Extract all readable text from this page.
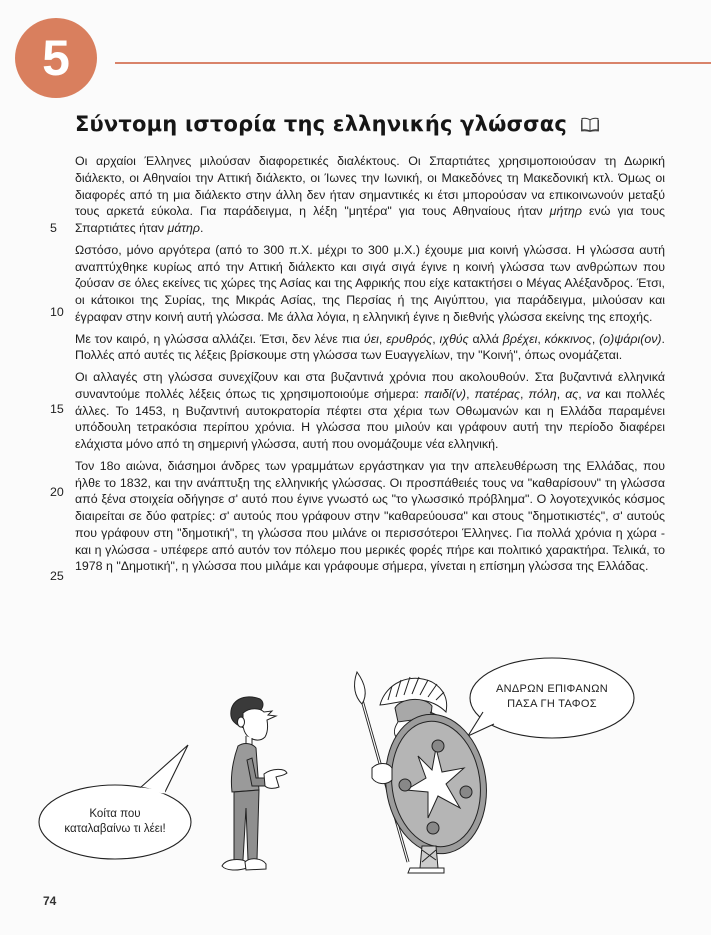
5
Σύντομη ιστορία της ελληνικής γλώσσας
5
10
15
20
25

Οι αρχαίοι Έλληνες μιλούσαν διαφορετικές διαλέκτους. Οι Σπαρτιάτες χρησιμοποιούσαν τη Δωρική διάλεκτο, οι Αθηναίοι την Αττική διάλεκτο, οι Ίωνες την Ιωνική, οι Μακεδόνες τη Μακεδονική κτλ. Όμως οι διαφορές από τη μια διάλεκτο στην άλλη δεν ήταν σημαντικές κι έτσι μπορούσαν να επικοινωνούν μεταξύ τους αρκετά εύκολα. Για παράδειγμα, η λέξη "μητέρα" για τους Αθηναίους ήταν μήτηρ ενώ για τους Σπαρτιάτες ήταν μάτηρ.

Ωστόσο, μόνο αργότερα (από το 300 π.Χ. μέχρι το 300 μ.Χ.) έχουμε μια κοινή γλώσσα. Η γλώσσα αυτή αναπτύχθηκε κυρίως από την Αττική διάλεκτο και σιγά σιγά έγινε η κοινή γλώσσα των ανθρώπων που ζούσαν σε όλες εκείνες τις χώρες της Ασίας και της Αφρικής που είχε κατακτήσει ο Μέγας Αλέξανδρος. Έτσι, οι κάτοικοι της Συρίας, της Μικράς Ασίας, της Περσίας ή της Αιγύπτου, για παράδειγμα, μιλούσαν και έγραφαν στην κοινή αυτή γλώσσα. Με άλλα λόγια, η ελληνική έγινε η διεθνής γλώσσα εκείνης της εποχής.

Με τον καιρό, η γλώσσα αλλάζει. Έτσι, δεν λένε πια ύει, ερυθρός, ιχθύς αλλά βρέχει, κόκκινος, (ο)ψάρι(ον). Πολλές από αυτές τις λέξεις βρίσκουμε στη γλώσσα των Ευαγγελίων, την "Κοινή", όπως ονομάζεται.

Οι αλλαγές στη γλώσσα συνεχίζουν και στα βυζαντινά χρόνια που ακολουθούν. Στα βυζαντινά ελληνικά συναντούμε πολλές λέξεις όπως τις χρησιμοποιούμε σήμερα: παιδί(ν), πατέρας, πόλη, ας, να και πολλές άλλες. Το 1453, η Βυζαντινή αυτοκρατορία πέφτει στα χέρια των Οθωμανών και η Ελλάδα παραμένει υπόδουλη τετρακόσια περίπου χρόνια. Η γλώσσα που μιλούν και γράφουν αυτή την περίοδο διαφέρει ελάχιστα μόνο από τη σημερινή γλώσσα, αυτή που ονομάζουμε νέα ελληνική.

Τον 18ο αιώνα, διάσημοι άνδρες των γραμμάτων εργάστηκαν για την απελευθέρωση της Ελλάδας, που ήλθε το 1832, και την ανάπτυξη της ελληνικής γλώσσας. Οι προσπάθειές τους να "καθαρίσουν" τη γλώσσα από ξένα στοιχεία οδήγησε σ' αυτό που έγινε γνωστό ως "το γλωσσικό πρόβλημα". Ο λογοτεχνικός κόσμος διαιρείται σε δύο φατρίες: σ' αυτούς που γράφουν στην "καθαρεύουσα" και στους "δημοτικιστές", σ' αυτούς που γράφουν στη "δημοτική", τη γλώσσα που μιλάνε οι περισσότεροι Έλληνες. Για πολλά χρόνια η χώρα - και η γλώσσα - υπέφερε από αυτόν τον πόλεμο που μερικές φορές πήρε και πολιτικό χαρακτήρα. Τελικά, το 1978 η "Δημοτική", η γλώσσα που μιλάμε και γράφουμε σήμερα, γίνεται η επίσημη γλώσσα της Ελλάδας.

Κοίτα που
καταλαβαίνω τι λέει!
ΑΝΔΡΩΝ ΕΠΙΦΑΝΩΝ
ΠΑΣΑ ΓΗ ΤΑΦΟΣ
74
